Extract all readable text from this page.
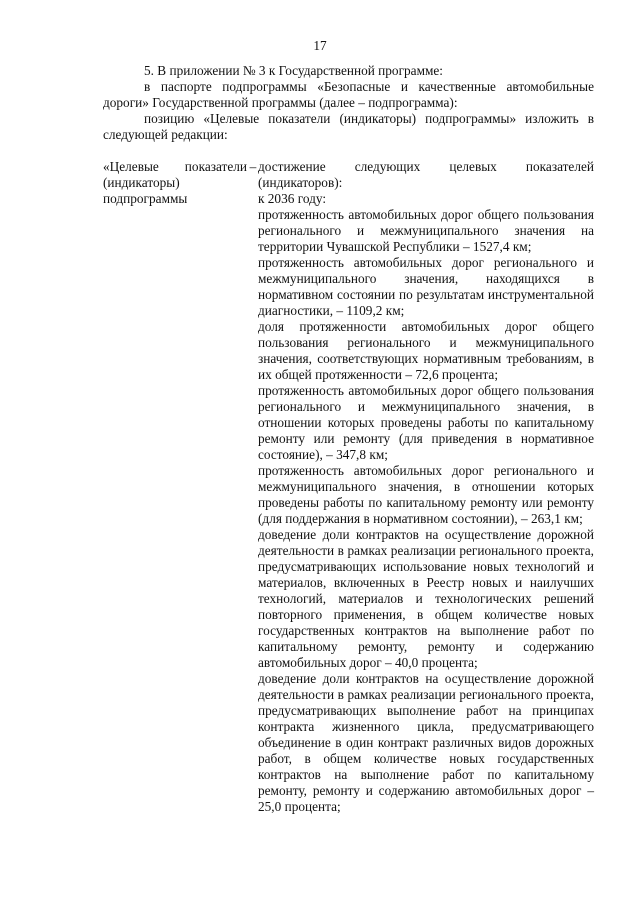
17

5. В приложении № 3 к Государственной программе:

в паспорте подпрограммы «Безопасные и качественные автомобильные дороги» Государственной программы (далее – подпрограмма):

позицию «Целевые показатели (индикаторы) подпрограммы» изложить в следующей редакции:

«Целевые показатели (индикаторы) подпрограммы
– достижение следующих целевых показателей (индикаторов):

к 2036 году:

протяженность автомобильных дорог общего пользования регионального и межмуниципального значения на территории Чувашской Республики – 1527,4 км;

протяженность автомобильных дорог регионального и межмуниципального значения, находящихся в нормативном состоянии по результатам инструментальной диагностики, – 1109,2 км;

доля протяженности автомобильных дорог общего пользования регионального и межмуниципального значения, соответствующих нормативным требованиям, в их общей протяженности – 72,6 процента;

протяженность автомобильных дорог общего пользования регионального и межмуниципального значения, в отношении которых проведены работы по капитальному ремонту или ремонту (для приведения в нормативное состояние), – 347,8 км;

протяженность автомобильных дорог регионального и межмуниципального значения, в отношении которых проведены работы по капитальному ремонту или ремонту (для поддержания в нормативном состоянии), – 263,1 км;

доведение доли контрактов на осуществление дорожной деятельности в рамках реализации регионального проекта, предусматривающих использование новых технологий и материалов, включенных в Реестр новых и наилучших технологий, материалов и технологических решений повторного применения, в общем количестве новых государственных контрактов на выполнение работ по капитальному ремонту, ремонту и содержанию автомобильных дорог – 40,0 процента;

доведение доли контрактов на осуществление дорожной деятельности в рамках реализации регионального проекта, предусматривающих выполнение работ на принципах контракта жизненного цикла, предусматривающего объединение в один контракт различных видов дорожных работ, в общем количестве новых государственных контрактов на выполнение работ по капитальному ремонту, ремонту и содержанию автомобильных дорог – 25,0 процента;
